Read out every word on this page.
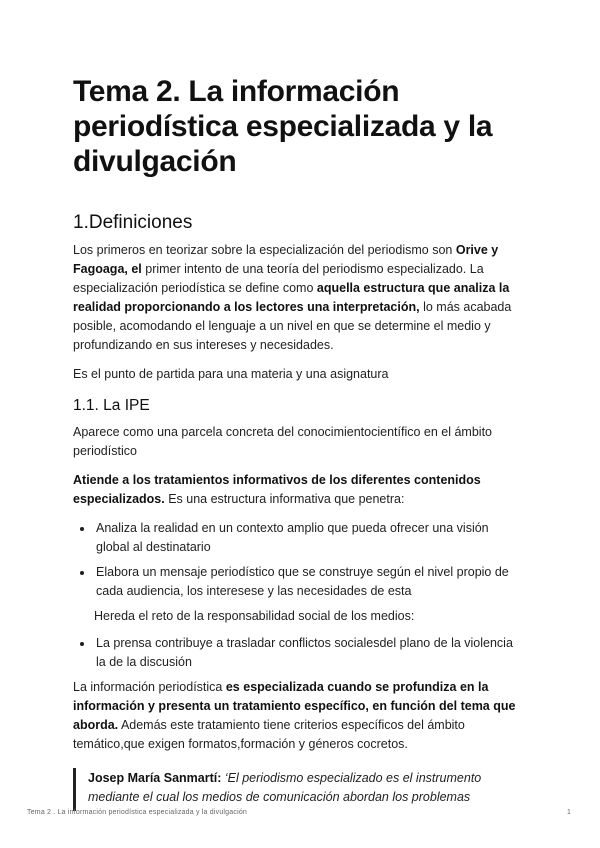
Tema 2. La información periodística especializada y la divulgación
1.Definiciones

Los primeros en teorizar sobre la especialización del periodismo son Orive y Fagoaga, el primer intento de una teoría del periodismo especializado. La especialización periodística se define como aquella estructura que analiza la realidad proporcionando a los lectores una interpretación, lo más acabada posible, acomodando el lenguaje a un nivel en que se determine el medio y profundizando en sus intereses y necesidades.

Es el punto de partida para una materia y una asignatura

1.1. La IPE

Aparece como una parcela concreta del conocimientocientífico en el ámbito periodístico

Atiende a los tratamientos informativos de los diferentes contenidos especializados. Es una estructura informativa que penetra:

• Analiza la realidad en un contexto amplio que pueda ofrecer una visión global al destinatario
• Elabora un mensaje periodístico que se construye según el nivel propio de cada audiencia, los interesese y las necesidades de esta

Hereda el reto de la responsabilidad social de los medios:

• La prensa contribuye a trasladar conflictos socialesdel plano de la violencia la de la discusión

La información periodística es especializada cuando se profundiza en la información y presenta un tratamiento específico, en función del tema que aborda. Además este tratamiento tiene criterios específicos del ámbito temático,que exigen formatos,formación y géneros cocretos.

Josep María Sanmartí: ‘El periodismo especializado es el instrumento mediante el cual los medios de comunicación abordan los problemas

Tema 2 . La información periodística especializada y la divulgación	1
